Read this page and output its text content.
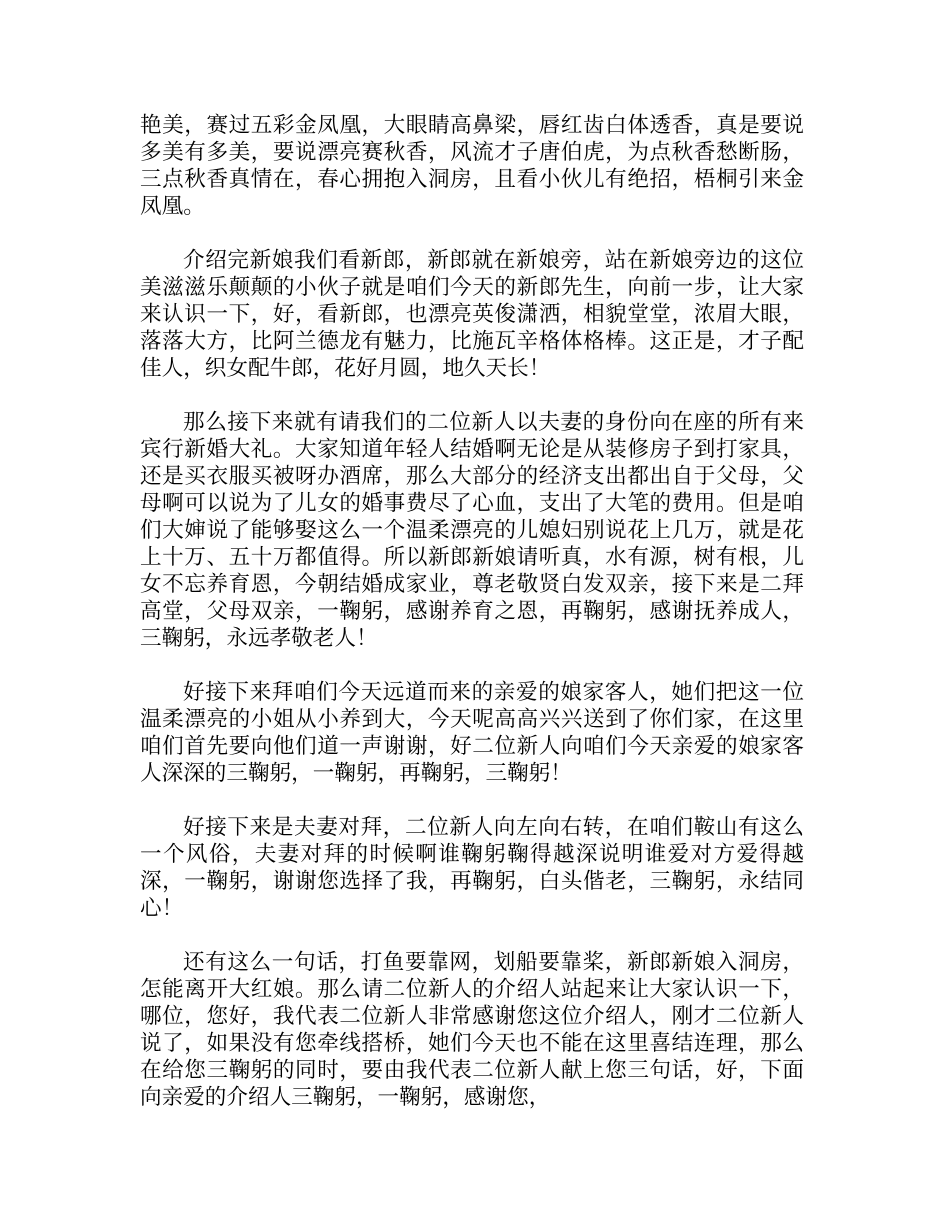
艳美，赛过五彩金凤凰，大眼睛高鼻梁，唇红齿白体透香，真是要说多美有多美，要说漂亮赛秋香，风流才子唐伯虎，为点秋香愁断肠，三点秋香真情在，春心拥抱入洞房，且看小伙儿有绝招，梧桐引来金凤凰。

介绍完新娘我们看新郎，新郎就在新娘旁，站在新娘旁边的这位美滋滋乐颠颠的小伙子就是咱们今天的新郎先生，向前一步，让大家来认识一下，好，看新郎，也漂亮英俊潇洒，相貌堂堂，浓眉大眼，落落大方，比阿兰德龙有魅力，比施瓦辛格体格棒。这正是，才子配佳人，织女配牛郎，花好月圆，地久天长！

那么接下来就有请我们的二位新人以夫妻的身份向在座的所有来宾行新婚大礼。大家知道年轻人结婚啊无论是从装修房子到打家具，还是买衣服买被呀办酒席，那么大部分的经济支出都出自于父母，父母啊可以说为了儿女的婚事费尽了心血，支出了大笔的费用。但是咱们大婶说了能够娶这么一个温柔漂亮的儿媳妇别说花上几万，就是花上十万、五十万都值得。所以新郎新娘请听真，水有源，树有根，儿女不忘养育恩，今朝结婚成家业，尊老敬贤白发双亲，接下来是二拜高堂，父母双亲，一鞠躬，感谢养育之恩，再鞠躬，感谢抚养成人，三鞠躬，永远孝敬老人！

好接下来拜咱们今天远道而来的亲爱的娘家客人，她们把这一位温柔漂亮的小姐从小养到大，今天呢高高兴兴送到了你们家，在这里咱们首先要向他们道一声谢谢，好二位新人向咱们今天亲爱的娘家客人深深的三鞠躬，一鞠躬，再鞠躬，三鞠躬！

好接下来是夫妻对拜，二位新人向左向右转，在咱们鞍山有这么一个风俗，夫妻对拜的时候啊谁鞠躬鞠得越深说明谁爱对方爱得越深，一鞠躬，谢谢您选择了我，再鞠躬，白头偕老，三鞠躬，永结同心！

还有这么一句话，打鱼要靠网，划船要靠桨，新郎新娘入洞房，怎能离开大红娘。那么请二位新人的介绍人站起来让大家认识一下，哪位，您好，我代表二位新人非常感谢您这位介绍人，刚才二位新人说了，如果没有您牵线搭桥，她们今天也不能在这里喜结连理，那么在给您三鞠躬的同时，要由我代表二位新人献上您三句话，好，下面向亲爱的介绍人三鞠躬，一鞠躬，感谢您，
